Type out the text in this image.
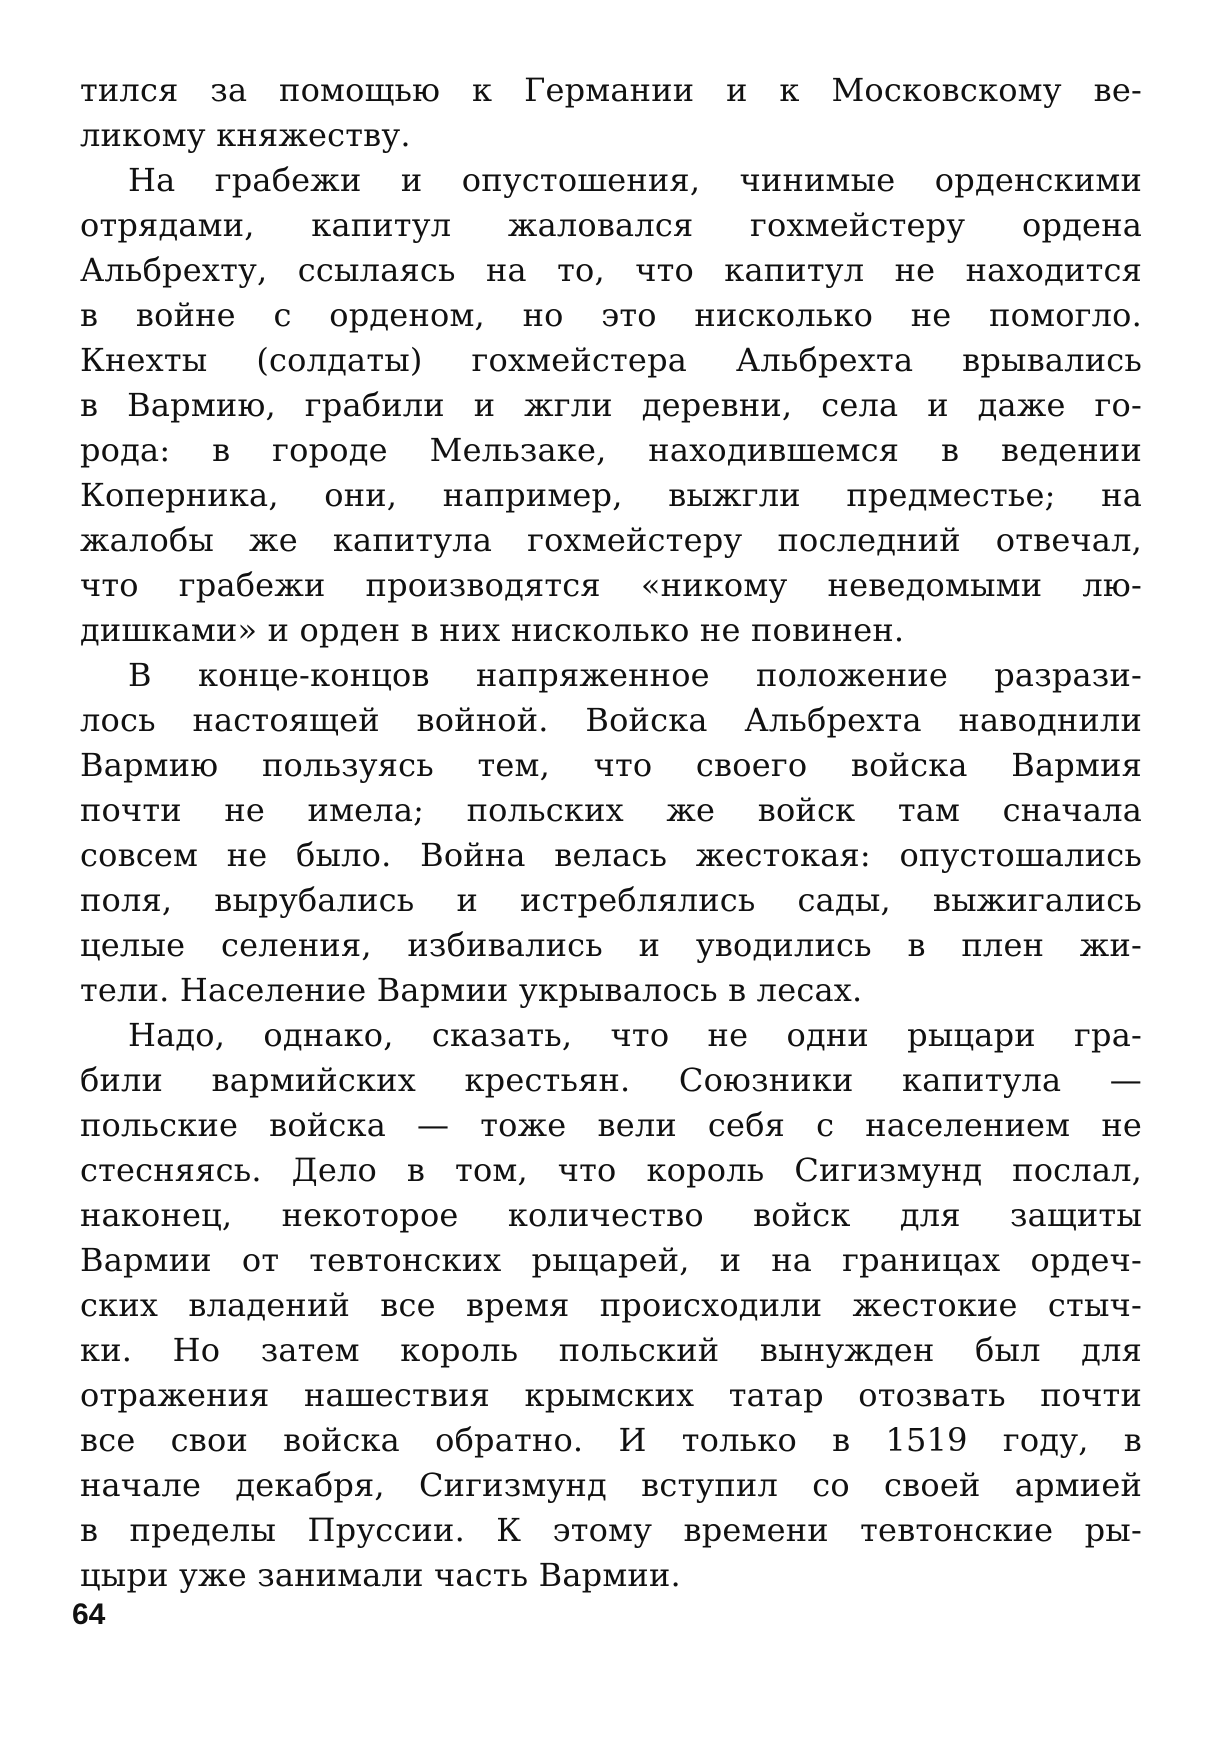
тился за помощью к Германии и к Московскому ве-
ликому княжеству.
На грабежи и опустошения, чинимые орденскими
отрядами, капитул жаловался гохмейстеру ордена
Альбрехту, ссылаясь на то, что капитул не находится
в войне с орденом, но это нисколько не помогло.
Кнехты (солдаты) гохмейстера Альбрехта врывались
в Вармию, грабили и жгли деревни, села и даже го-
рода: в городе Мельзаке, находившемся в ведении
Коперника, они, например, выжгли предместье; на
жалобы же капитула гохмейстеру последний отвечал,
что грабежи производятся «никому неведомыми лю-
дишками» и орден в них нисколько не повинен.
В конце-концов напряженное положение разрази-
лось настоящей войной. Войска Альбрехта наводнили
Вармию пользуясь тем, что своего войска Вармия
почти не имела; польских же войск там сначала
совсем не было. Война велась жестокая: опустошались
поля, вырубались и истреблялись сады, выжигались
целые селения, избивались и уводились в плен жи-
тели. Население Вармии укрывалось в лесах.
Надо, однако, сказать, что не одни рыцари гра-
били вармийских крестьян. Союзники капитула —
польские войска — тоже вели себя с населением не
стесняясь. Дело в том, что король Сигизмунд послал,
наконец, некоторое количество войск для защиты
Вармии от тевтонских рыцарей, и на границах ордеч-
ских владений все время происходили жестокие стыч-
ки. Но затем король польский вынужден был для
отражения нашествия крымских татар отозвать почти
все свои войска обратно. И только в 1519 году, в
начале декабря, Сигизмунд вступил со своей армией
в пределы Пруссии. К этому времени тевтонские ры-
цыри уже занимали часть Вармии.
64
